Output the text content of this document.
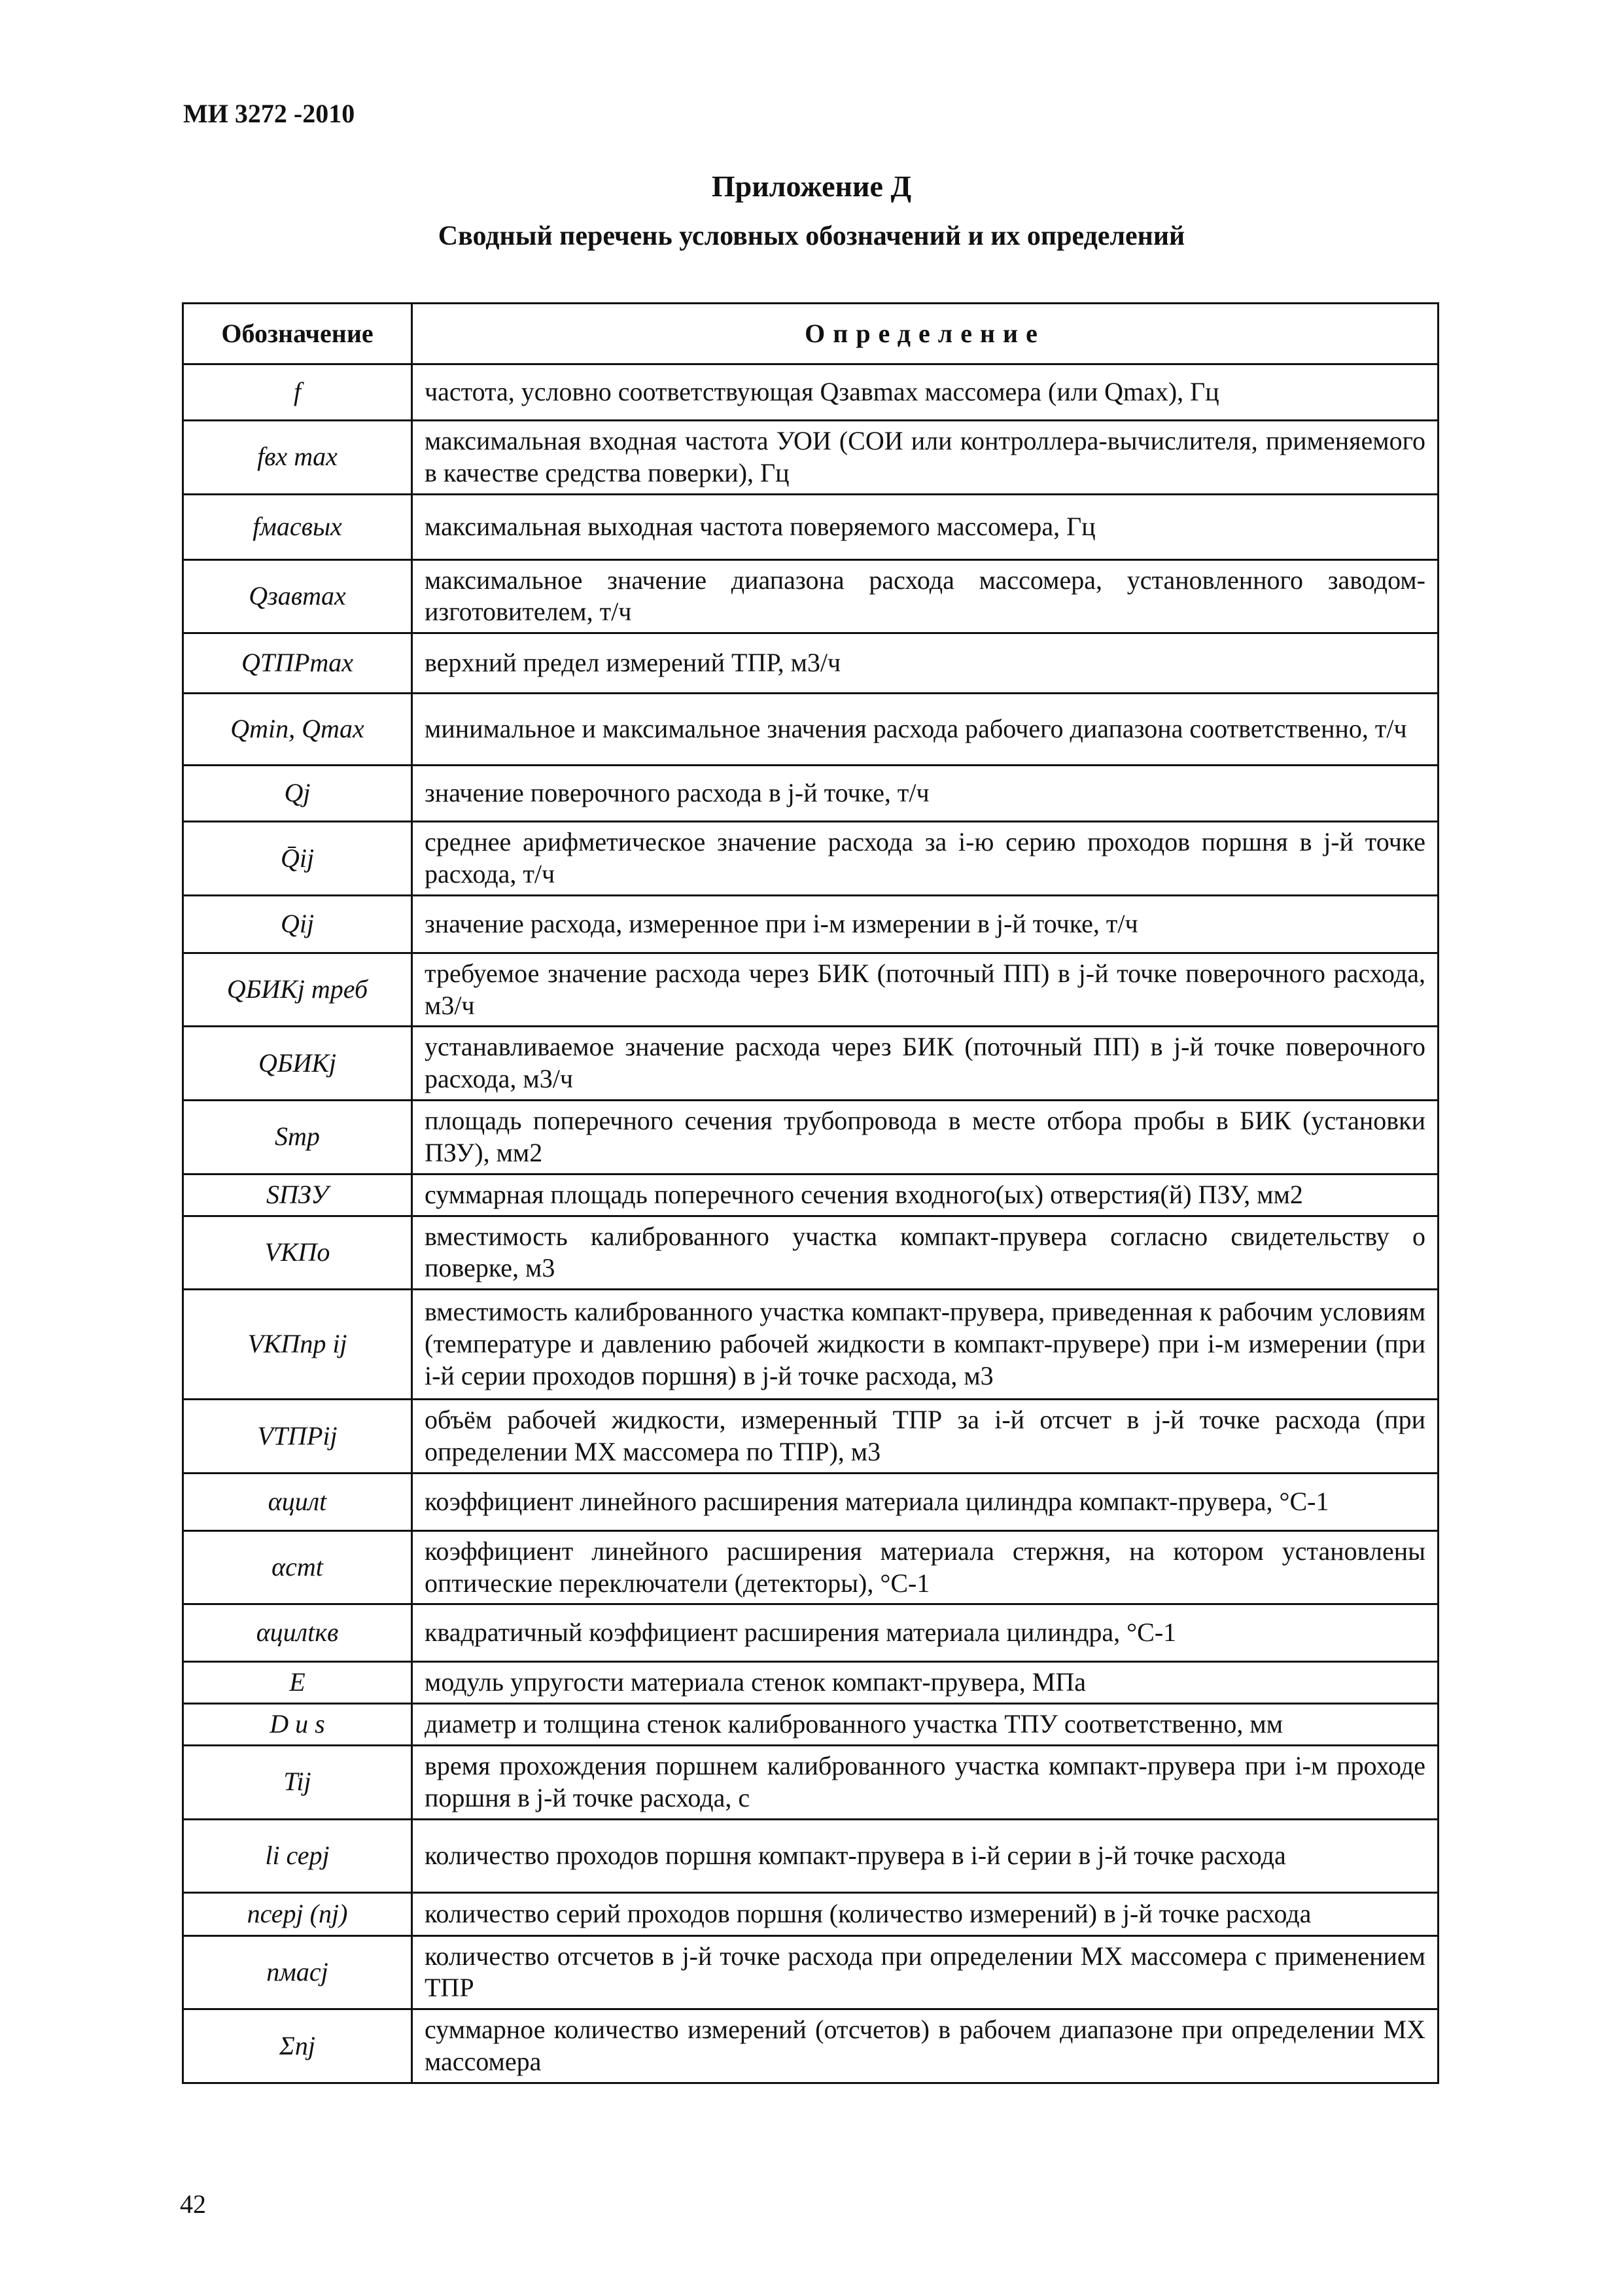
МИ 3272 -2010
Приложение Д
Сводный перечень условных обозначений и их определений
Обозначение	Определение
f	частота, условно соответствующая Qзавmax массомера (или Qmax), Гц
fвх max	максимальная входная частота УОИ (СОИ или контроллера-вычислителя, применяемого в качестве средства поверки), Гц
fмасвых	максимальная выходная частота поверяемого массомера, Гц
Qзавmax	максимальное значение диапазона расхода массомера, установленного заводом-изготовителем, т/ч
QТПРmax	верхний предел измерений ТПР, м3/ч
Qmin, Qmax	минимальное и максимальное значения расхода рабочего диапазона соответственно, т/ч
Qj	значение поверочного расхода в j-й точке, т/ч
Q̄ij	среднее арифметическое значение расхода за i-ю серию проходов поршня в j-й точке расхода, т/ч
Qij	значение расхода, измеренное при i-м измерении в j-й точке, т/ч
QБИКj треб	требуемое значение расхода через БИК (поточный ПП) в j-й точке поверочного расхода, м3/ч
QБИКj	устанавливаемое значение расхода через БИК (поточный ПП) в j-й точке поверочного расхода, м3/ч
Sтр	площадь поперечного сечения трубопровода в месте отбора пробы в БИК (установки ПЗУ), мм2
SПЗУ	суммарная площадь поперечного сечения входного(ых) отверстия(й) ПЗУ, мм2
VКПo	вместимость калиброванного участка компакт-прувера согласно свидетельству о поверке, м3
VКПпр ij	вместимость калиброванного участка компакт-прувера, приведенная к рабочим условиям (температуре и давлению рабочей жидкости в компакт-прувере) при i-м измерении (при i-й серии проходов поршня) в j-й точке расхода, м3
VТПРij	объём рабочей жидкости, измеренный ТПР за i-й отсчет в j-й точке расхода (при определении МХ массомера по ТПР), м3
αцилt	коэффициент линейного расширения материала цилиндра компакт-прувера, °С-1
αстt	коэффициент линейного расширения материала стержня, на котором установлены оптические переключатели (детекторы), °С-1
αцилtкв	квадратичный коэффициент расширения материала цилиндра, °С-1
E	модуль упругости материала стенок компакт-прувера, МПа
D и s	диаметр и толщина стенок калиброванного участка ТПУ соответственно, мм
Tij	время прохождения поршнем калиброванного участка компакт-прувера при i-м проходе поршня в j-й точке расхода, с
li серj	количество проходов поршня компакт-прувера в i-й серии в j-й точке расхода
nсерj (nj)	количество серий проходов поршня (количество измерений) в j-й точке расхода
nмасj	количество отсчетов в j-й точке расхода при определении МХ массомера с применением ТПР
Σnj	суммарное количество измерений (отсчетов) в рабочем диапазоне при определении МХ массомера
42
